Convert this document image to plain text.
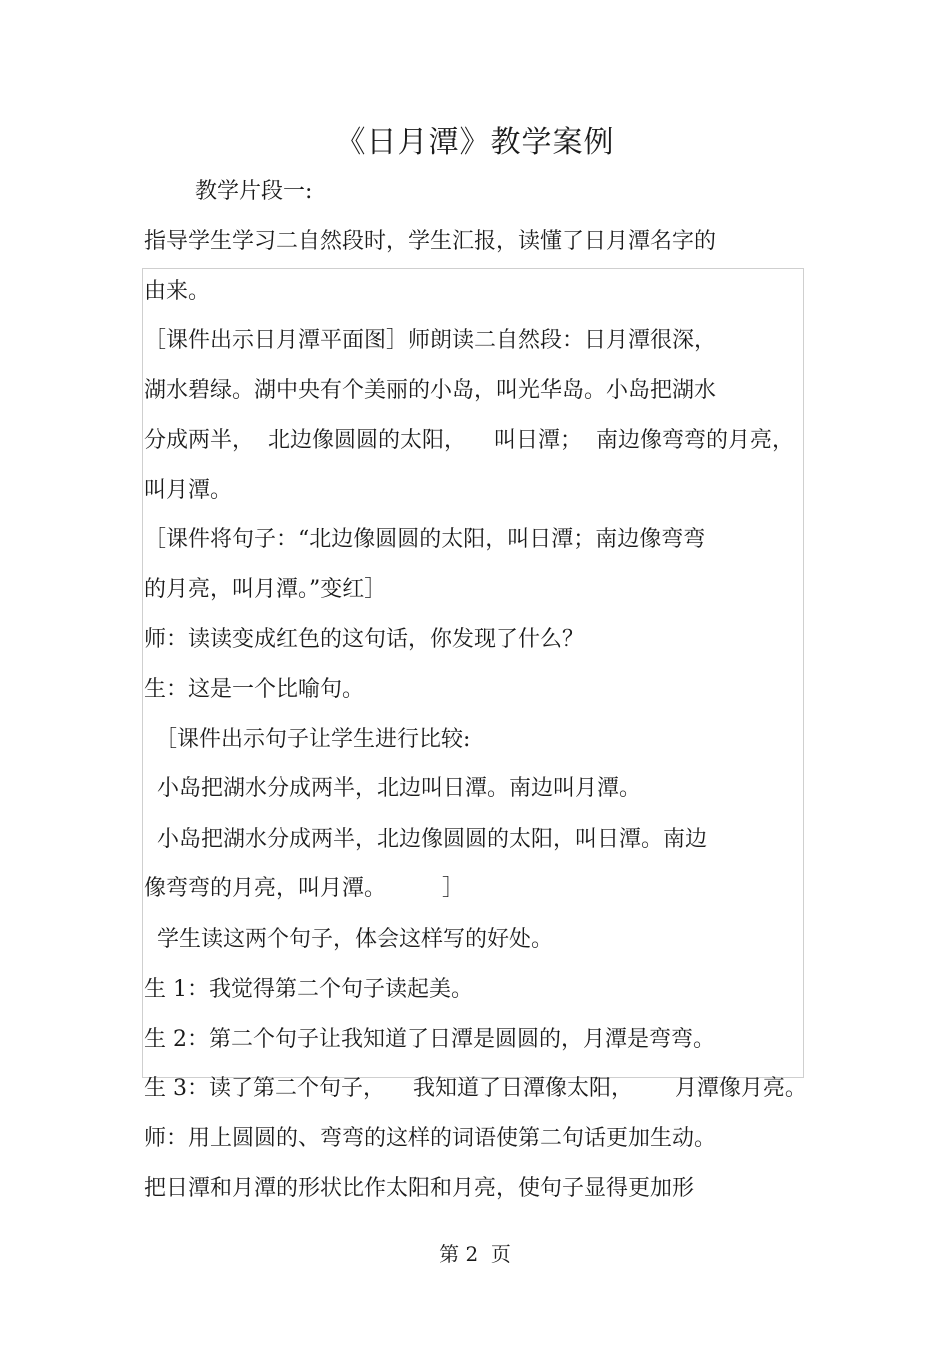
《日月潭》教学案例
教学片段一:
指导学生学习二自然段时，学生汇报，读懂了日月潭名字的
由来。
［课件出示日月潭平面图］师朗读二自然段：日月潭很深，
湖水碧绿。湖中央有个美丽的小岛，叫光华岛。小岛把湖水
分成两半，  北边像圆圆的太阳，    叫日潭；  南边像弯弯的月亮，
叫月潭。
［课件将句子：“北边像圆圆的太阳，叫日潭；南边像弯弯
的月亮，叫月潭。”变红］
师：读读变成红色的这句话，你发现了什么？
生：这是一个比喻句。
［课件出示句子让学生进行比较:
小岛把湖水分成两半，北边叫日潭。南边叫月潭。
小岛把湖水分成两半，北边像圆圆的太阳，叫日潭。南边
像弯弯的月亮，叫月潭。        ］
学生读这两个句子，体会这样写的好处。
生 1：我觉得第二个句子读起美。
生 2：第二个句子让我知道了日潭是圆圆的，月潭是弯弯。
生 3：读了第二个句子，    我知道了日潭像太阳，      月潭像月亮。
师：用上圆圆的、弯弯的这样的词语使第二句话更加生动。
把日潭和月潭的形状比作太阳和月亮，使句子显得更加形
第 2  页
